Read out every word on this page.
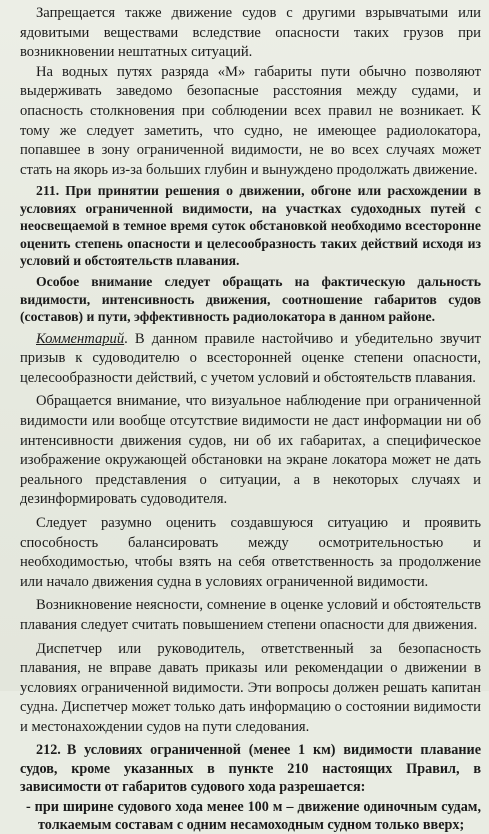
Запрещается также движение судов с другими взрывчатыми или ядовитыми веществами вследствие опасности таких грузов при возникновении нештатных ситуаций.

На водных путях разряда «М» габариты пути обычно позволяют выдерживать заведомо безопасные расстояния между судами, и опасность столкновения при соблюдении всех правил не возникает. К тому же следует заметить, что судно, не имеющее радиолокатора, попавшее в зону ограниченной видимости, не во всех случаях может стать на якорь из-за больших глубин и вынуждено продолжать движение.

211. При принятии решения о движении, обгоне или расхождении в условиях ограниченной видимости, на участках судоходных путей с неосвещаемой в темное время суток обстановкой необходимо всесторонне оценить степень опасности и целесообразность таких действий исходя из условий и обстоятельств плавания.

Особое внимание следует обращать на фактическую дальность видимости, интенсивность движения, соотношение габаритов судов (составов) и пути, эффективность радиолокатора в данном районе.

Комментарий. В данном правиле настойчиво и убедительно звучит призыв к судоводителю о всесторонней оценке степени опасности, целесообразности действий, с учетом условий и обстоятельств плавания.

Обращается внимание, что визуальное наблюдение при ограниченной видимости или вообще отсутствие видимости не даст информации ни об интенсивности движения судов, ни об их габаритах, а специфическое изображение окружающей обстановки на экране локатора может не дать реального представления о ситуации, а в некоторых случаях и дезинформировать судоводителя.

Следует разумно оценить создавшуюся ситуацию и проявить способность балансировать между осмотрительностью и необходимостью, чтобы взять на себя ответственность за продолжение или начало движения судна в условиях ограниченной видимости.

Возникновение неясности, сомнение в оценке условий и обстоятельств плавания следует считать повышением степени опасности для движения.

Диспетчер или руководитель, ответственный за безопасность плавания, не вправе давать приказы или рекомендации о движении в условиях ограниченной видимости. Эти вопросы должен решать капитан судна. Диспетчер может только дать информацию о состоянии видимости и местонахождении судов на пути следования.

212. В условиях ограниченной (менее 1 км) видимости плавание судов, кроме указанных в пункте 210 настоящих Правил, в зависимости от габаритов судового хода разрешается:

- при ширине судового хода менее 100 м – движение одиночным судам, толкаемым составам с одним несамоходным судном только вверх;
